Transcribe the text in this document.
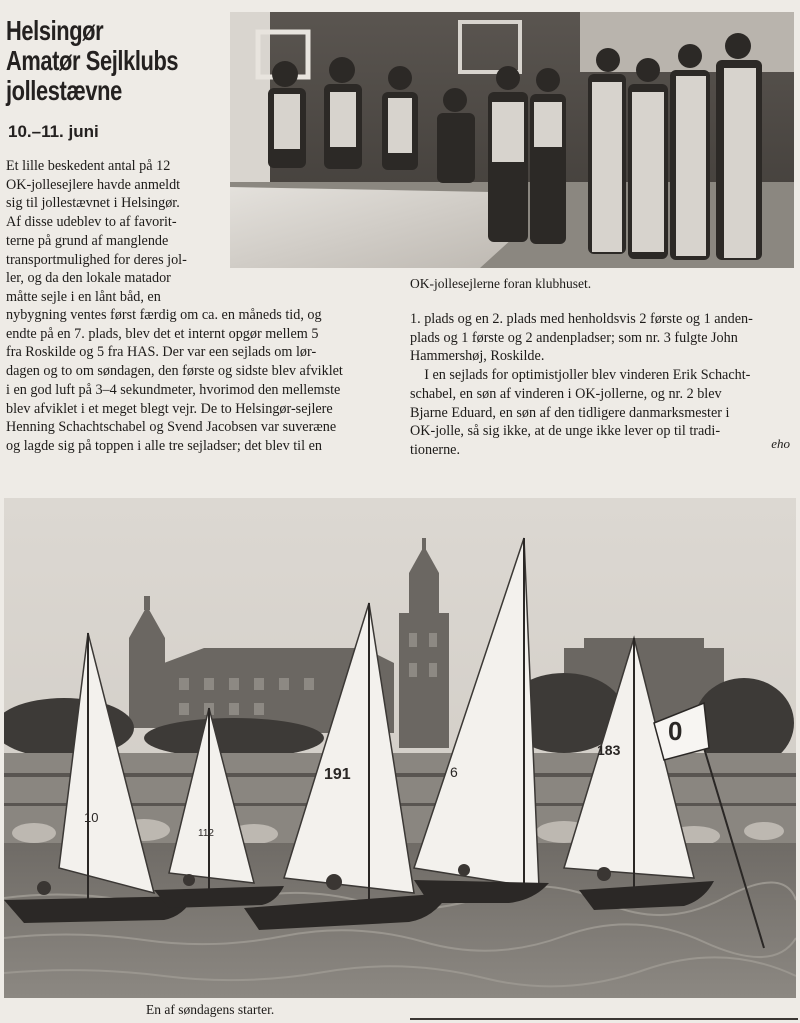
Helsingør
Amatør Sejlklubs
jollestævne
10.–11. juni
Et lille beskedent antal på 12
OK-jollesejlere havde anmeldt
sig til jollestævnet i Helsingør.
Af disse udeblev to af favorit-
terne på grund af manglende
transportmulighed for deres jol-
ler, og da den lokale matador
måtte sejle i en lånt båd, en
OK-jollesejlerne foran klubhuset.
nybygning ventes først færdig om ca. en måneds tid, og
endte på en 7. plads, blev det et internt opgør mellem 5
fra Roskilde og 5 fra HAS. Der var een sejlads om lør-
dagen og to om søndagen, den første og sidste blev afviklet
i en god luft på 3–4 sekundmeter, hvorimod den mellemste
blev afviklet i et meget blegt vejr. De to Helsingør-sejlere
Henning Schachtschabel og Svend Jacobsen var suveræne
og lagde sig på toppen i alle tre sejladser; det blev til en
1. plads og en 2. plads med henholdsvis 2 første og 1 anden-
plads og 1 første og 2 andenpladser; som nr. 3 fulgte John
Hammershøj, Roskilde.
I en sejlads for optimistjoller blev vinderen Erik Schacht-
schabel, en søn af vinderen i OK-jollerne, og nr. 2 blev
Bjarne Eduard, en søn af den tidligere danmarksmester i
OK-jolle, så sig ikke, at de unge ikke lever op til tradi-
tionerne.	eho
10
112
191	6
183
0
En af søndagens starter.
